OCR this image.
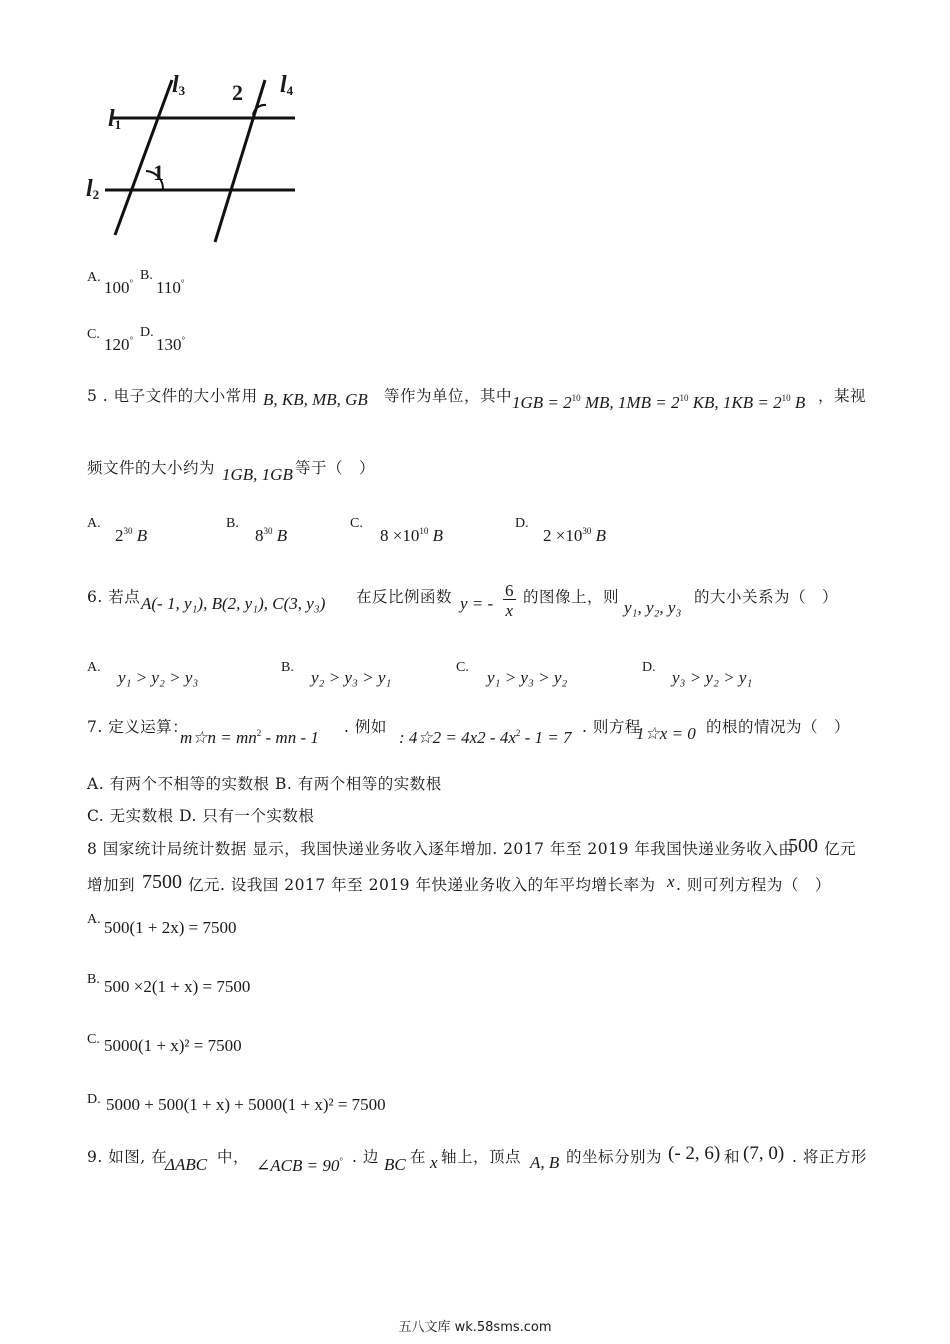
$l_3$	$l_4$
$l_1$
$l_2$
1
2
A.
100° B.
110°
C.
120° D.
130°
5 . 电子文件的大小常用 B, KB, MB, GB 等作为单位，其中 $1GB = 2^{10}$ MB, $1MB = 2^{10}$ KB, $1KB = 2^{10}$ B ，某视
频文件的大小约为 1GB, 1GB 等于（　）
A.
$2^{30}$ B
B.
$8^{30}$ B
C.
$8 \times 10^{10}$ B
D.
$2 \times 10^{30}$ B
6. 若点 A(- 1, y₁), B(2, y₁), C(3, y₃) 在反比例函数 y = - $\frac{6}{x}$ 的图像上，则
y₁, y₂, y₃
的大小关系为（　）
A.
y₁ > y₂ > y₃
B.
y₂ > y₃ > y₁
C.
y₁ > y₃ > y₂
D.
y₃ > y₂ > y₁
7. 定义运算：
m☆n = $mn^2$ - mn - 1
. 例如
: 4☆2 = $4x2 - 4x^2 - 1 = 7$
. 则方程
1☆x = 0 的根的情况为（　）
A. 有两个不相等的实数根 B. 有两个相等的实数根
C. 无实数根 D. 只有一个实数根
8 国家统计局统计数据 显示，我国快递业务收入逐年增加. 2017 年至 2019 年我国快递业务收入由
500 亿元
增加到 7500 亿元. 设我国 2017 年至 2019 年快递业务收入的年平均增长率为 x . 则可列方程为（　）
A. 500(1 + 2x) = 7500
B. 500 ×2(1 + x) = 7500
C. 5000(1 + x)² = 7500
D. 5000 + 500(1 + x) + 5000(1 + x)² = 7500
9. 如图, 在
ΔABC 中， ∠ACB = 90° . 边 BC 在 x 轴上，顶点 A, B 的坐标分别为 (- 2, 6) 和 (7, 0) . 将正方形
五八文库 wk.58sms.com
